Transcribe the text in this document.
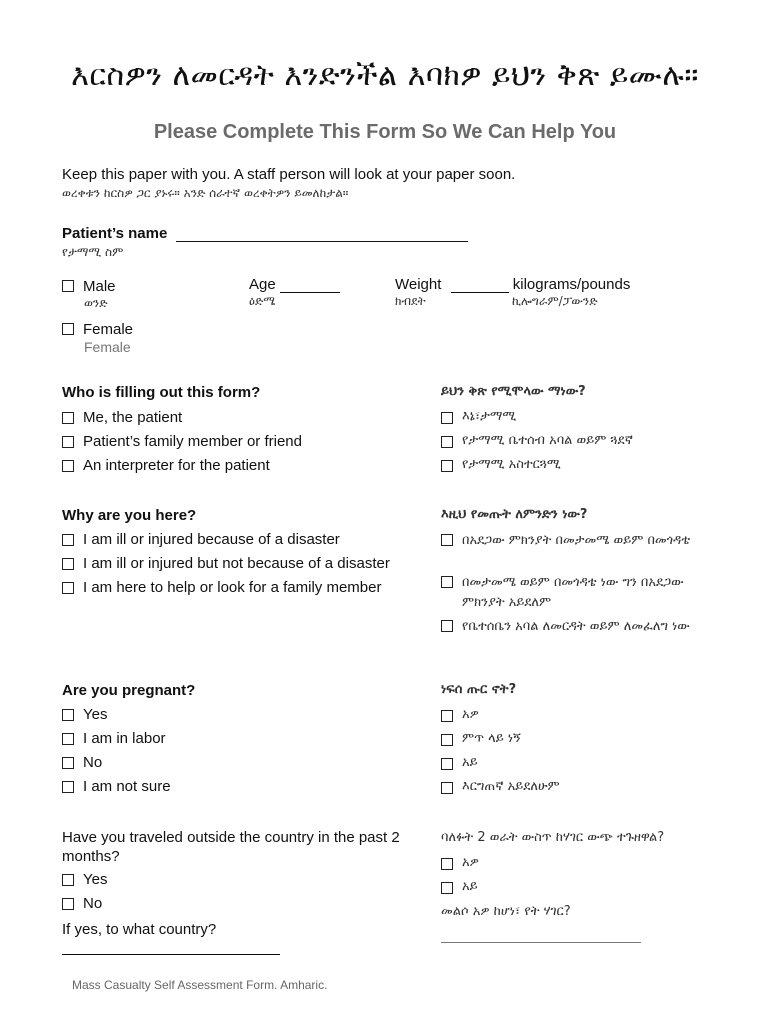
እርስዎን ለመርዳት እንድንችል እባክዎ ይህን ቅጽ ይሙሉ።
Please Complete This Form So We Can Help You
Keep this paper with you. A staff person will look at your paper soon.
ወረቀቱን ከርስዎ ጋር ያኑሩ። አንድ ሰራተኛ ወረቀትዎን ይመለከታል።
Patient’s name
የታማሚ ስም
Male
ወንድ
Age
ዕድሜ
Weight	kilograms/pounds
ክብደት	ኪሎግራም/ፓውንድ
Female
Female
Who is filling out this form?	ይህን ቅጽ የሚሞላው ማነው?
Me, the patient
Patient’s family member or friend
An interpreter for the patient
እኔ፣ታማሚ
የታማሚ ቤተሰብ አባል ወይም ጓደኛ
የታማሚ አስተርጓሚ
Why are you here?	እዚህ የመጡት ለምንድን ነው?
I am ill or injured because of a disaster
I am ill or injured but not because of a disaster
I am here to help or look for a family member
በአደጋው ምክንያት በመታመሜ ወይም በመጎዳቴ
በመታመሜ ወይም በመጎዳቴ ነው ግን በአደጋው ምክንያት አይደለም
የቤተሰቤን አባል ለመርዳት ወይም ለመፈለግ ነው
Are you pregnant?	ነፍሰ ጡር ኖት?
Yes
I am in labor
No
I am not sure
አዎ
ምጥ ላይ ነኝ
አይ
እርግጠኛ አይደለሁም
Have you traveled outside the country in the past 2 months?
ባለፉት 2 ወራት ውስጥ ከሃገር ውጭ ተጉዘዋል?
Yes
No
አዎ
አይ
If yes, to what country?
መልሶ አዎ ከሆነ፣ የት ሃገር?
Mass Casualty Self Assessment Form. Amharic.
